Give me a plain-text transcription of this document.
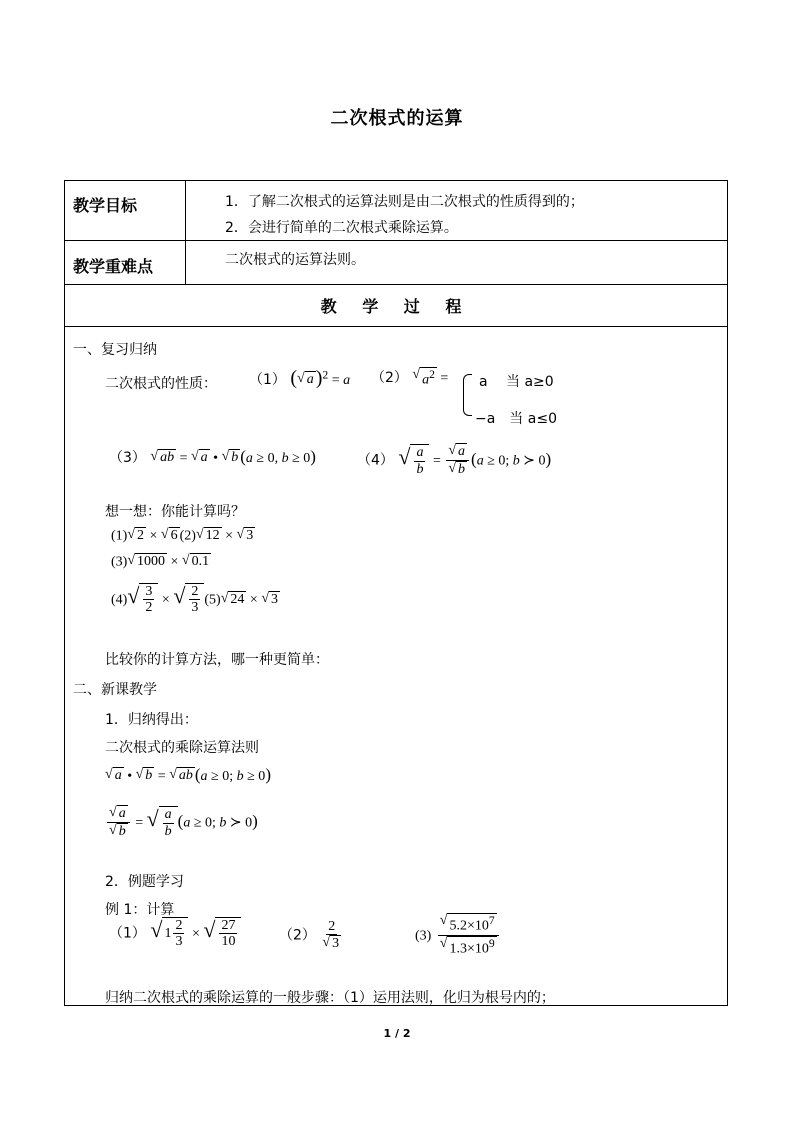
二次根式的运算
教学目标	1．了解二次根式的运算法则是由二次根式的性质得到的；
2．会进行简单的二次根式乘除运算。
教学重难点	二次根式的运算法则。
教 学 过 程
一、复习归纳
二次根式的性质： （1） ( √ a )$^2$ = a （2） √ $a^2 = a$　 当 a≥0
−a　当 a≤0
（3） √ ab = √ a • √ b (a ≥ 0, b ≥ 0)	（4） √ $\frac{a}{b} = \frac{√ a}{√ b} (a \ge 0$; b ≻ 0)
想一想：你能计算吗？
(1) √ 2 × √ 6 (2) √ 12 × √ 3
(3) √ 1000 × √ 0.1
(4) √ $\frac{3}{2}$ × √ $\frac{2}{3} (5)$ √ 24 × √ 3
比较你的计算方法，哪一种更简单：
二、新课教学
1．归纳得出：
二次根式的乘除运算法则
√ a • √ b = √ ab (a ≥ 0; b ≥ 0)
$\frac{√ a}{√ b}$ = √ $\frac{a}{b} (a \ge 0$; b ≻ 0)
2．例题学习
例 1：计算
（1） √ $1 \frac{2}{3}$ × √ $\frac{27}{10}$	$(2) \frac{2}{√ 3}$	$(3) \frac{√ 5.2\times 10^7}{√ 1.3\times 10^9}$
归纳二次根式的乘除运算的一般步骤：（1）运用法则，化归为根号内的；
1 / 2
